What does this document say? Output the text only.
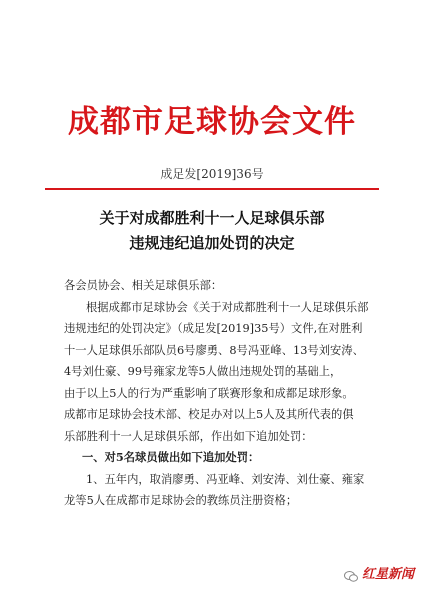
成都市足球协会文件
成足发[2019]36号
关于对成都胜利十一人足球俱乐部
违规违纪追加处罚的决定
各会员协会、相关足球俱乐部：
根据成都市足球协会《关于对成都胜利十一人足球俱乐部
违规违纪的处罚决定》（成足发[2019]35号）文件,在对胜利
十一人足球俱乐部队员6号廖勇、8号冯亚峰、13号刘安涛、
4号刘仕豪、99号雍家龙等5人做出违规处罚的基础上，
由于以上5人的行为严重影响了联赛形象和成都足球形象。
成都市足球协会技术部、校足办对以上5人及其所代表的俱
乐部胜利十一人足球俱乐部，作出如下追加处罚：
一、对5名球员做出如下追加处罚：
1、五年内，取消廖勇、冯亚峰、刘安涛、刘仕豪、雍家
龙等5人在成都市足球协会的教练员注册资格；
红星新闻
